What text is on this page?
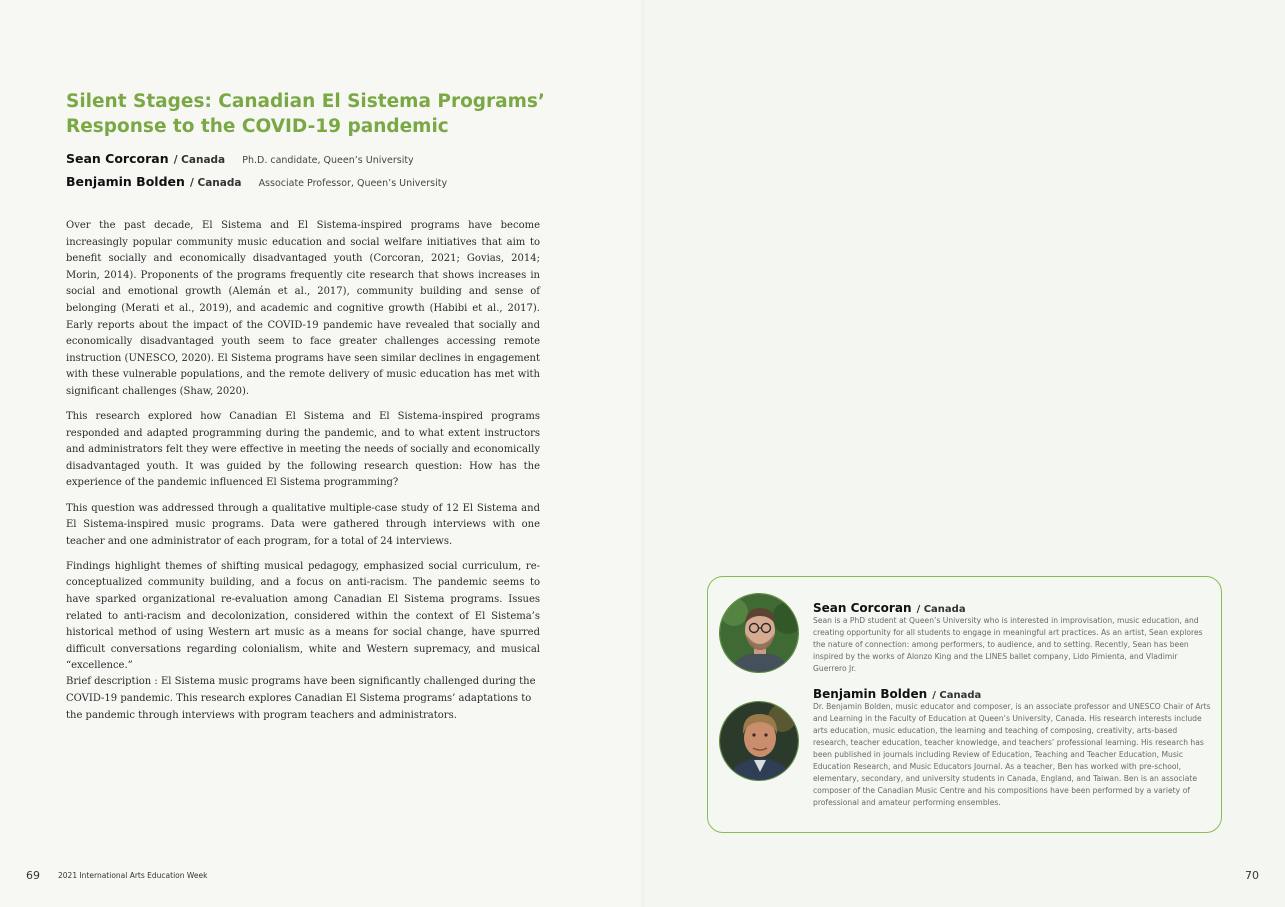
Silent Stages: Canadian El Sistema Programs’
Response to the COVID-19 pandemic
Sean Corcoran / Canada Ph.D. candidate, Queen’s University
Benjamin Bolden / Canada Associate Professor, Queen’s University

Over the past decade, El Sistema and El Sistema-inspired programs have become increasingly popular community music education and social welfare initiatives that aim to benefit socially and economically disadvantaged youth (Corcoran, 2021; Govias, 2014; Morin, 2014). Proponents of the programs frequently cite research that shows increases in social and emotional growth (Alemán et al., 2017), community building and sense of belonging (Merati et al., 2019), and academic and cognitive growth (Habibi et al., 2017). Early reports about the impact of the COVID-19 pandemic have revealed that socially and economically disadvantaged youth seem to face greater challenges accessing remote instruction (UNESCO, 2020). El Sistema programs have seen similar declines in engagement with these vulnerable populations, and the remote delivery of music education has met with significant challenges (Shaw, 2020).

This research explored how Canadian El Sistema and El Sistema-inspired programs responded and adapted programming during the pandemic, and to what extent instructors and administrators felt they were effective in meeting the needs of socially and economically disadvantaged youth. It was guided by the following research question: How has the experience of the pandemic influenced El Sistema programming?

This question was addressed through a qualitative multiple-case study of 12 El Sistema and El Sistema-inspired music programs. Data were gathered through interviews with one teacher and one administrator of each program, for a total of 24 interviews.

Findings highlight themes of shifting musical pedagogy, emphasized social curriculum, re-conceptualized community building, and a focus on anti-racism. The pandemic seems to have sparked organizational re-evaluation among Canadian El Sistema programs. Issues related to anti-racism and decolonization, considered within the context of El Sistema’s historical method of using Western art music as a means for social change, have spurred difficult conversations regarding colonialism, white and Western supremacy, and musical “excellence.”

Brief description : El Sistema music programs have been significantly challenged during the COVID-19 pandemic. This research explores Canadian El Sistema programs’ adaptations to the pandemic through interviews with program teachers and administrators.

69 2021 International Arts Education Week	70
Sean Corcoran / Canada

Sean is a PhD student at Queen’s University who is interested in improvisation, music education, and creating opportunity for all students to engage in meaningful art practices. As an artist, Sean explores the nature of connection: among performers, to audience, and to setting. Recently, Sean has been inspired by the works of Alonzo King and the LINES ballet company, Lido Pimienta, and Vladimir Guerrero Jr.

Benjamin Bolden / Canada

Dr. Benjamin Bolden, music educator and composer, is an associate professor and UNESCO Chair of Arts and Learning in the Faculty of Education at Queen’s University, Canada. His research interests include arts education, music education, the learning and teaching of composing, creativity, arts-based research, teacher education, teacher knowledge, and teachers’ professional learning. His research has been published in journals including Review of Education, Teaching and Teacher Education, Music Education Research, and Music Educators Journal. As a teacher, Ben has worked with pre-school, elementary, secondary, and university students in Canada, England, and Taiwan. Ben is an associate composer of the Canadian Music Centre and his compositions have been performed by a variety of professional and amateur performing ensembles.
